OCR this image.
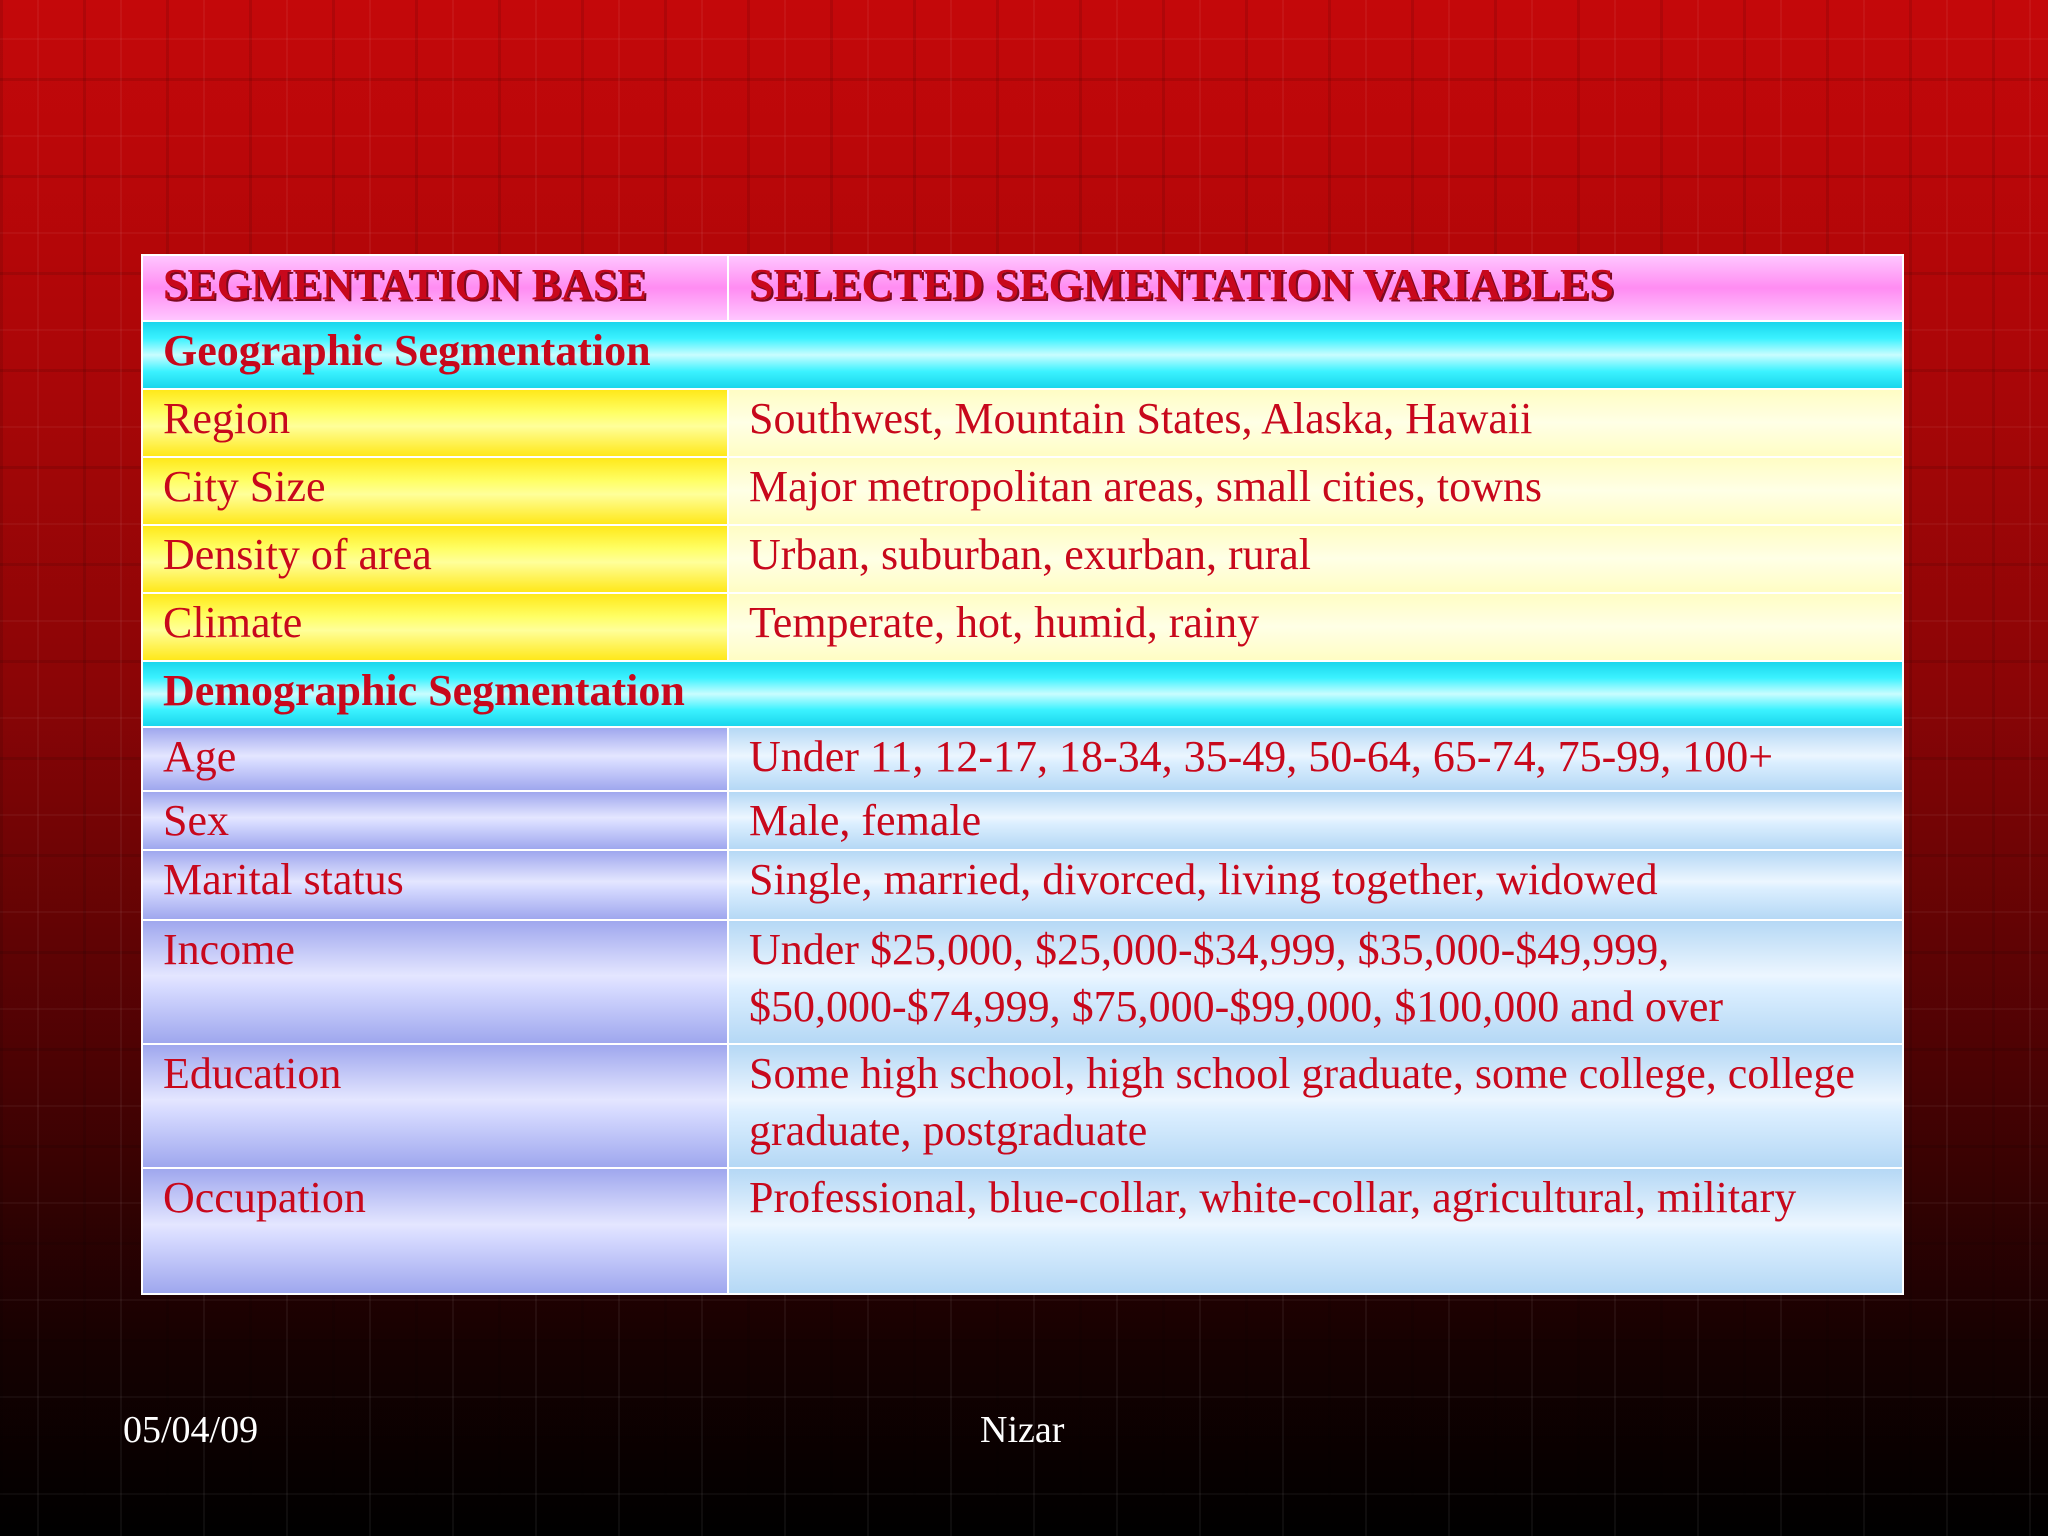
SEGMENTATION BASE	SELECTED SEGMENTATION VARIABLES
Geographic Segmentation	
Region	Southwest, Mountain States, Alaska, Hawaii
City Size	Major metropolitan areas, small cities, towns
Density of area	Urban, suburban, exurban, rural
Climate	Temperate, hot, humid, rainy
Demographic Segmentation	
Age	Under 11, 12-17, 18-34, 35-49, 50-64, 65-74, 75-99, 100+
Sex	Male, female
Marital status	Single, married, divorced, living together, widowed
Income	Under $25,000, $25,000-$34,999, $35,000-$49,999, $50,000-$74,999, $75,000-$99,000, $100,000 and over
Education	Some high school, high school graduate, some college, college graduate, postgraduate
Occupation	Professional, blue-collar, white-collar, agricultural, military
05/04/09	Nizar
